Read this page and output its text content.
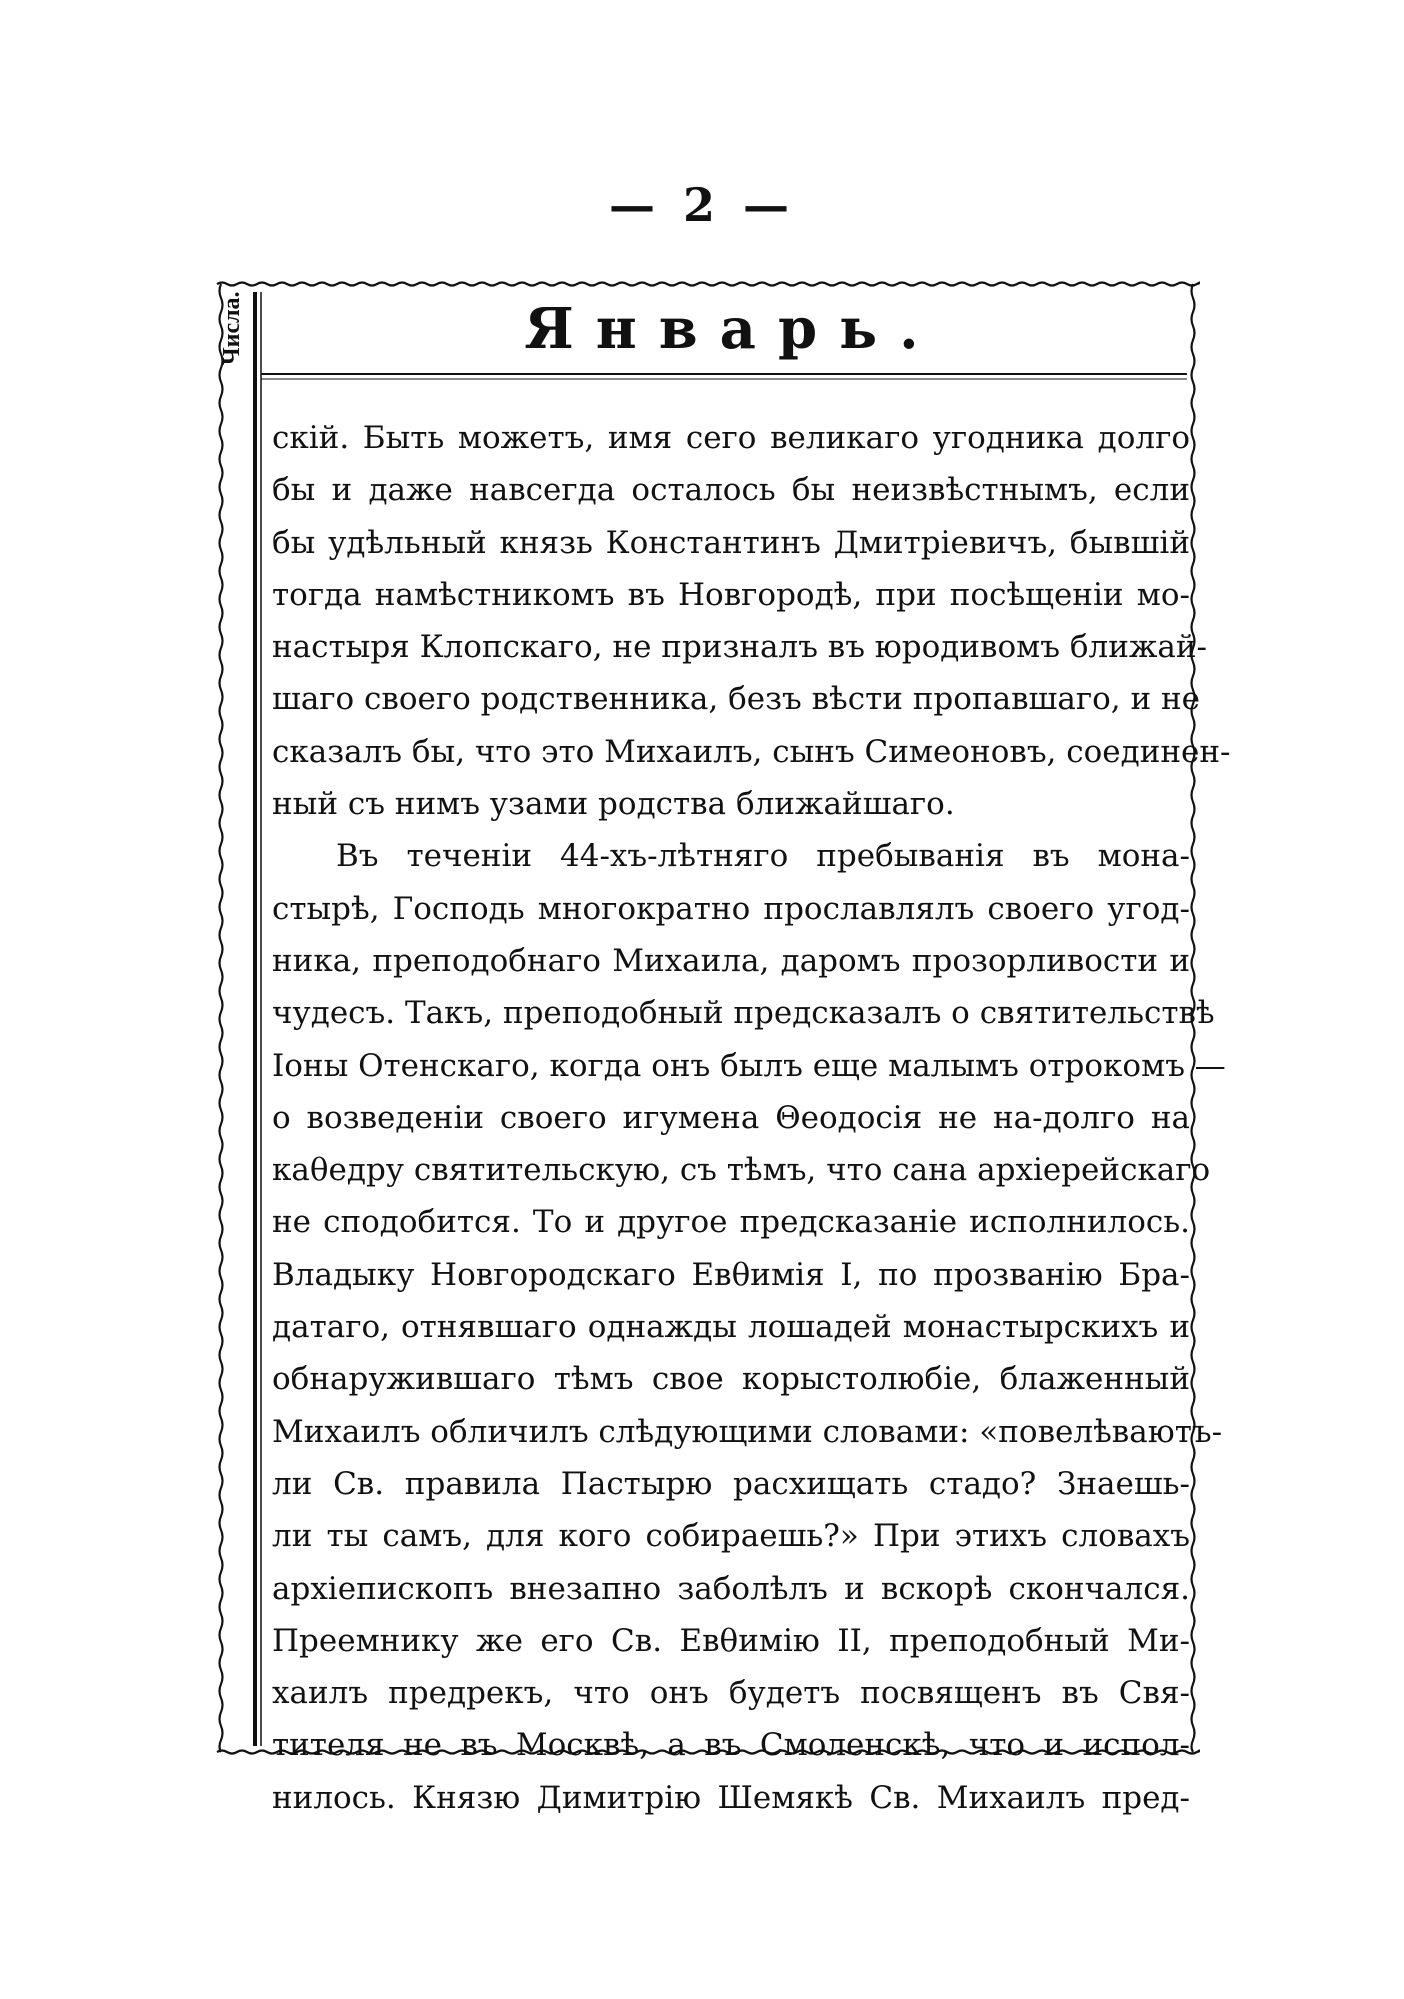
— 2 —
Числа.	Январь.
скій. Быть можетъ, имя сего великаго угодника долго
бы и даже навсегда осталось бы неизвѣстнымъ, если
бы удѣльный князь Константинъ Дмитріевичъ, бывшій
тогда намѣстникомъ въ Новгородѣ, при посѣщеніи мо-
настыря Клопскаго, не призналъ въ юродивомъ ближай-
шаго своего родственника, безъ вѣсти пропавшаго, и не
сказалъ бы, что это Михаилъ, сынъ Симеоновъ, соединен-
ный съ нимъ узами родства ближайшаго.
Въ теченіи 44-хъ-лѣтняго пребыванія въ мона-
стырѣ, Господь многократно прославлялъ своего угод-
ника, преподобнаго Михаила, даромъ прозорливости и
чудесъ. Такъ, преподобный предсказалъ о святительствѣ
Іоны Отенскаго, когда онъ былъ еще малымъ отрокомъ —
о возведеніи своего игумена Θеодосія не на-долго на
каθедру святительскую, съ тѣмъ, что сана архіерейскаго
не сподобится. То и другое предсказаніе исполнилось.
Владыку Новгородскаго Евθимія I, по прозванію Бра-
датаго, отнявшаго однажды лошадей монастырскихъ и
обнаружившаго тѣмъ свое корыстолюбіе, блаженный
Михаилъ обличилъ слѣдующими словами: «повелѣваютъ-
ли Св. правила Пастырю расхищать стадо? Знаешь-
ли ты самъ, для кого собираешь?» При этихъ словахъ
архіепископъ внезапно заболѣлъ и вскорѣ скончался.
Преемнику же его Св. Евθимію II, преподобный Ми-
хаилъ предрекъ, что онъ будетъ посвященъ въ Свя-
тителя не въ Москвѣ, а въ Смоленскѣ, что и испол-
нилось. Князю Димитрію Шемякѣ Св. Михаилъ пред-
